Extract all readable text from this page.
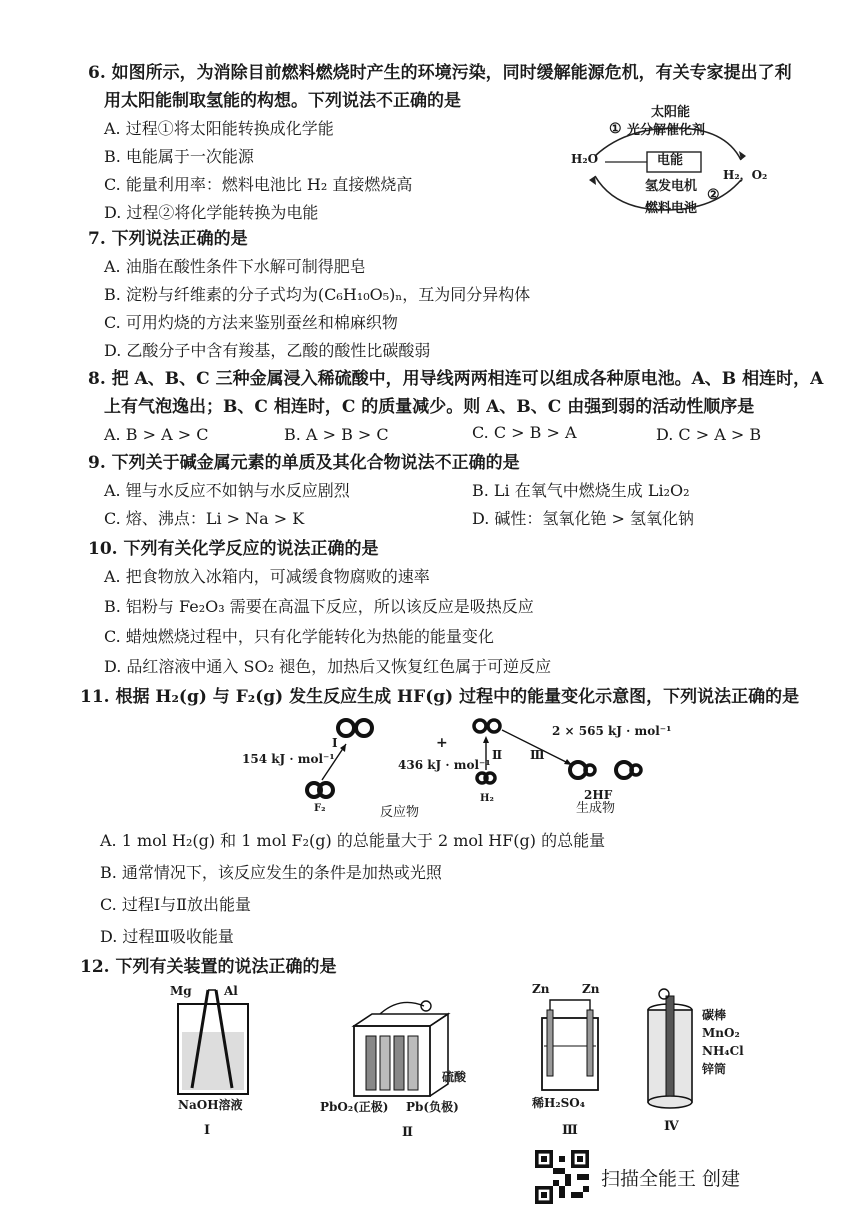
6. 如图所示，为消除目前燃料燃烧时产生的环境污染，同时缓解能源危机，有关专家提出了利
用太阳能制取氢能的构想。下列说法不正确的是
A. 过程①将太阳能转换成化学能
B. 电能属于一次能源
C. 能量利用率：燃料电池比 H₂ 直接燃烧高
D. 过程②将化学能转换为电能
太阳能
① 光分解催化剂
H₂O	电能
H₂，O₂
氢发电机
②
燃料电池
7. 下列说法正确的是
A. 油脂在酸性条件下水解可制得肥皂
B. 淀粉与纤维素的分子式均为(C₆H₁₀O₅)ₙ，互为同分异构体
C. 可用灼烧的方法来鉴别蚕丝和棉麻织物
D. 乙酸分子中含有羧基，乙酸的酸性比碳酸弱
8. 把 A、B、C 三种金属浸入稀硫酸中，用导线两两相连可以组成各种原电池。A、B 相连时，A
上有气泡逸出；B、C 相连时，C 的质量减少。则 A、B、C 由强到弱的活动性顺序是
A. B > A > C	B. A > B > C	C. C > B > A	D. C > A > B
9. 下列关于碱金属元素的单质及其化合物说法不正确的是
A. 锂与水反应不如钠与水反应剧烈	B. Li 在氧气中燃烧生成 Li₂O₂
C. 熔、沸点：Li > Na > K	D. 碱性：氢氧化铯 > 氢氧化钠
10. 下列有关化学反应的说法正确的是
A. 把食物放入冰箱内，可减缓食物腐败的速率
B. 铝粉与 Fe₂O₃ 需要在高温下反应，所以该反应是吸热反应
C. 蜡烛燃烧过程中，只有化学能转化为热能的能量变化
D. 品红溶液中通入 SO₂ 褪色，加热后又恢复红色属于可逆反应
11. 根据 H₂(g) 与 F₂(g) 发生反应生成 HF(g) 过程中的能量变化示意图，下列说法正确的是
154 kJ · mol⁻¹
Ⅰ	+
436 kJ · mol⁻¹
Ⅱ Ⅲ
2 × 565 kJ · mol⁻¹
F₂	反应物
H₂	2HF
生成物
A. 1 mol H₂(g) 和 1 mol F₂(g) 的总能量大于 2 mol HF(g) 的总能量
B. 通常情况下，该反应发生的条件是加热或光照
C. 过程Ⅰ与Ⅱ放出能量
D. 过程Ⅲ吸收能量
12. 下列有关装置的说法正确的是
Mg	Al
NaOH溶液
Ⅰ
硫酸
PbO₂(正极) Pb(负极)
Ⅱ
Zn	Zn
稀H₂SO₄
Ⅲ
碳棒
MnO₂
NH₄Cl
锌筒
Ⅳ
扫描全能王 创建
